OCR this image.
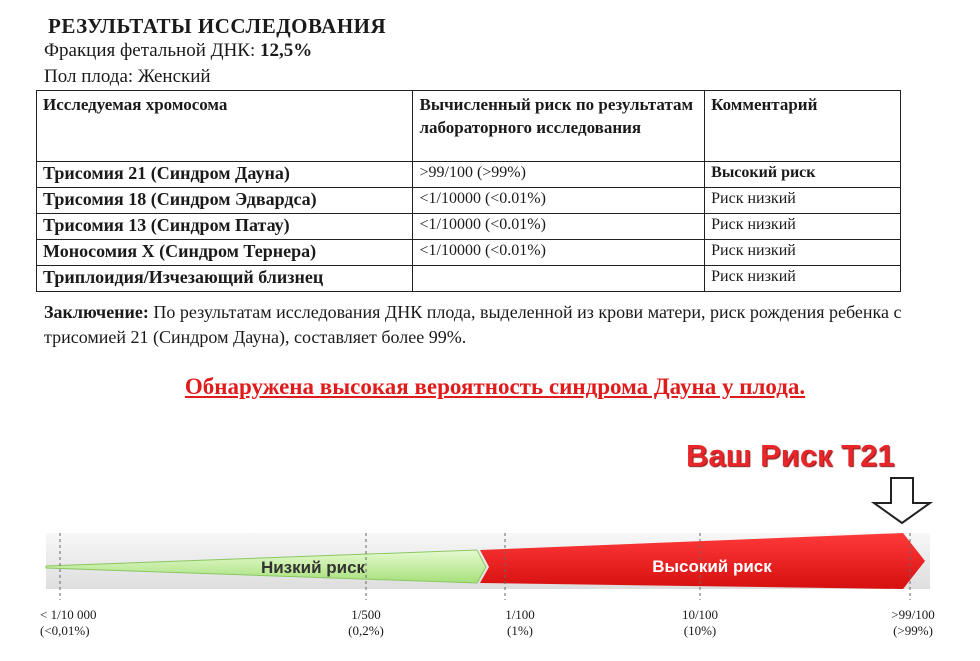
РЕЗУЛЬТАТЫ ИССЛЕДОВАНИЯ
Фракция фетальной ДНК: 12,5%
Пол плода: Женский
Исследуемая хромосома	Вычисленный риск по результатам лабораторного исследования	Комментарий
Трисомия 21 (Синдром Дауна)	>99/100 (>99%)	Высокий риск
Трисомия 18 (Синдром Эдвардса)	<1/10000 (<0.01%)	Риск низкий
Трисомия 13 (Синдром Патау)	<1/10000 (<0.01%)	Риск низкий
Моносомия X (Синдром Тернера)	<1/10000 (<0.01%)	Риск низкий
Триплоидия/Изчезающий близнец		Риск низкий
Заключение: По результатам исследования ДНК плода, выделенной из крови матери, риск рождения ребенка с трисомией 21 (Синдром Дауна), составляет более 99%.
Обнаружена высокая вероятность синдрома Дауна у плода.
Ваш Риск Т21
Низкий риск	Высокий риск
< 1/10 000
(<0,01%)
1/500
(0,2%)
1/100
(1%)
10/100
(10%)
>99/100
(>99%)
